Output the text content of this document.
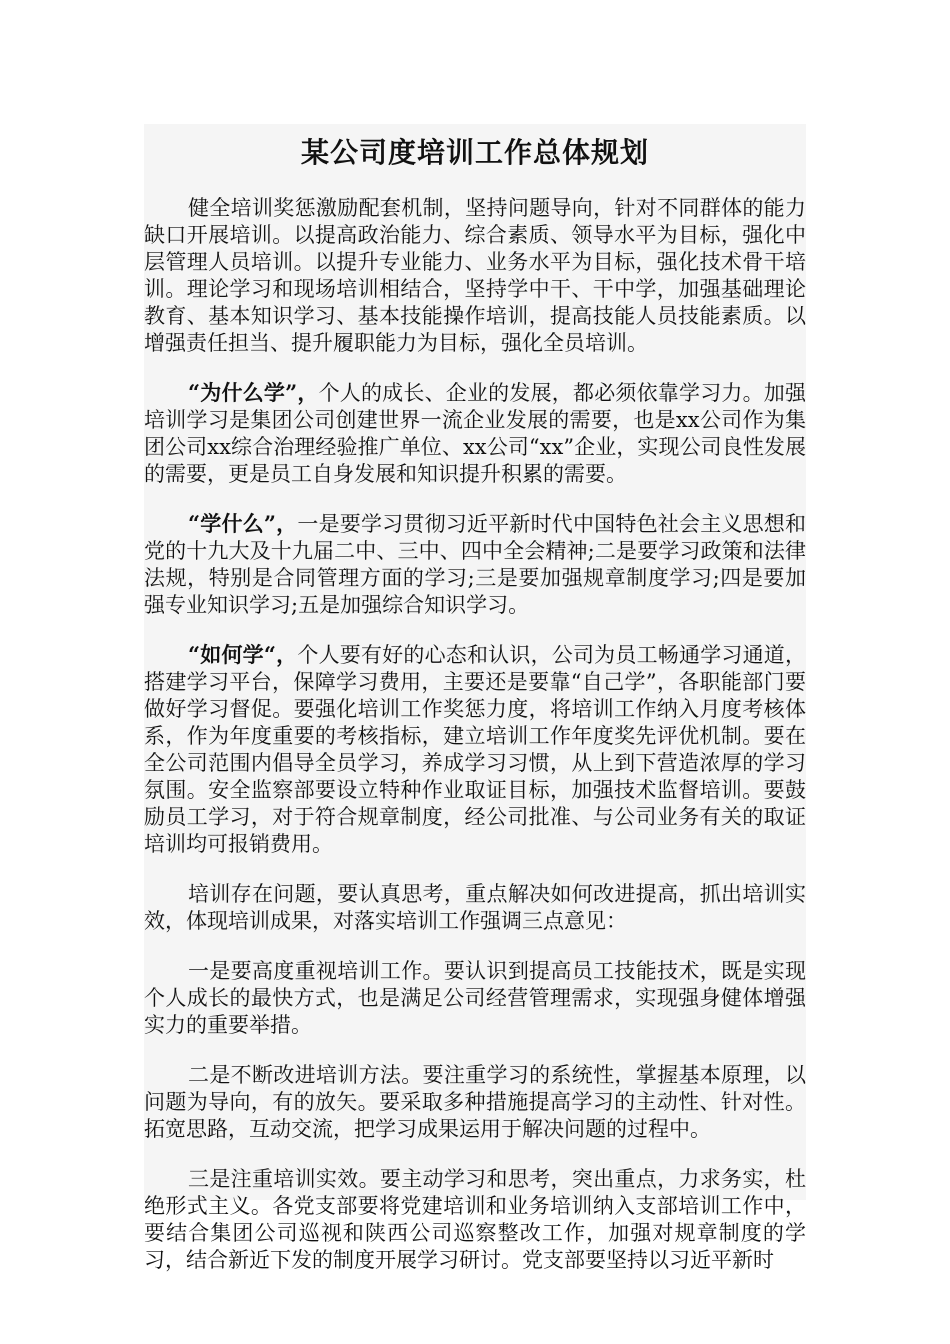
某公司度培训工作总体规划

健全培训奖惩激励配套机制，坚持问题导向，针对不同群体的能力缺口开展培训。以提高政治能力、综合素质、领导水平为目标，强化中层管理人员培训。以提升专业能力、业务水平为目标，强化技术骨干培训。理论学习和现场培训相结合，坚持学中干、干中学，加强基础理论教育、基本知识学习、基本技能操作培训，提高技能人员技能素质。以增强责任担当、提升履职能力为目标，强化全员培训。

“为什么学”，个人的成长、企业的发展，都必须依靠学习力。加强培训学习是集团公司创建世界一流企业发展的需要，也是xx公司作为集团公司xx综合治理经验推广单位、xx公司“xx”企业，实现公司良性发展的需要，更是员工自身发展和知识提升积累的需要。

“学什么”，一是要学习贯彻习近平新时代中国特色社会主义思想和党的十九大及十九届二中、三中、四中全会精神;二是要学习政策和法律法规，特别是合同管理方面的学习;三是要加强规章制度学习;四是要加强专业知识学习;五是加强综合知识学习。

“如何学“，个人要有好的心态和认识，公司为员工畅通学习通道，搭建学习平台，保障学习费用，主要还是要靠“自己学”，各职能部门要做好学习督促。要强化培训工作奖惩力度，将培训工作纳入月度考核体系，作为年度重要的考核指标，建立培训工作年度奖先评优机制。要在全公司范围内倡导全员学习，养成学习习惯，从上到下营造浓厚的学习氛围。安全监察部要设立特种作业取证目标，加强技术监督培训。要鼓励员工学习，对于符合规章制度，经公司批准、与公司业务有关的取证培训均可报销费用。

培训存在问题，要认真思考，重点解决如何改进提高，抓出培训实效，体现培训成果，对落实培训工作强调三点意见：

一是要高度重视培训工作。要认识到提高员工技能技术，既是实现个人成长的最快方式，也是满足公司经营管理需求，实现强身健体增强实力的重要举措。

二是不断改进培训方法。要注重学习的系统性，掌握基本原理，以问题为导向，有的放矢。要采取多种措施提高学习的主动性、针对性。拓宽思路，互动交流，把学习成果运用于解决问题的过程中。

三是注重培训实效。要主动学习和思考，突出重点，力求务实，杜绝形式主义。各党支部要将党建培训和业务培训纳入支部培训工作中，要结合集团公司巡视和陕西公司巡察整改工作，加强对规章制度的学习，结合新近下发的制度开展学习研讨。党支部要坚持以习近平新时
